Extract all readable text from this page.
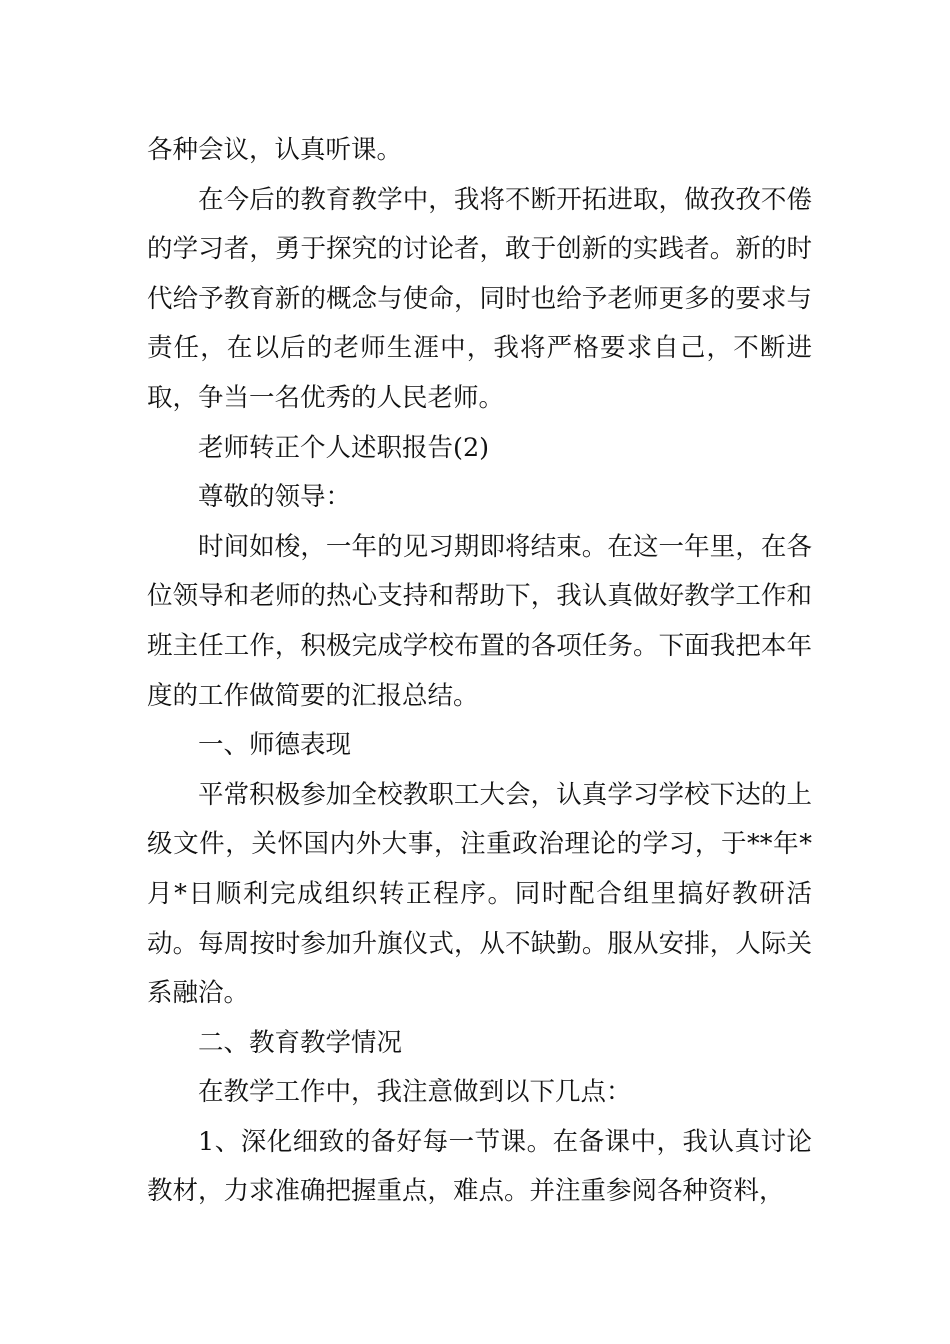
各种会议，认真听课。

在今后的教育教学中，我将不断开拓进取，做孜孜不倦的学习者，勇于探究的讨论者，敢于创新的实践者。新的时代给予教育新的概念与使命，同时也给予老师更多的要求与责任，在以后的老师生涯中，我将严格要求自己，不断进取，争当一名优秀的人民老师。

老师转正个人述职报告(2)

尊敬的领导：

时间如梭，一年的见习期即将结束。在这一年里，在各位领导和老师的热心支持和帮助下，我认真做好教学工作和班主任工作，积极完成学校布置的各项任务。下面我把本年度的工作做简要的汇报总结。

一、师德表现

平常积极参加全校教职工大会，认真学习学校下达的上级文件，关怀国内外大事，注重政治理论的学习，于**年*月*日顺利完成组织转正程序。同时配合组里搞好教研活动。每周按时参加升旗仪式，从不缺勤。服从安排，人际关系融洽。

二、教育教学情况

在教学工作中，我注意做到以下几点：

1、深化细致的备好每一节课。在备课中，我认真讨论教材，力求准确把握重点，难点。并注重参阅各种资料，
